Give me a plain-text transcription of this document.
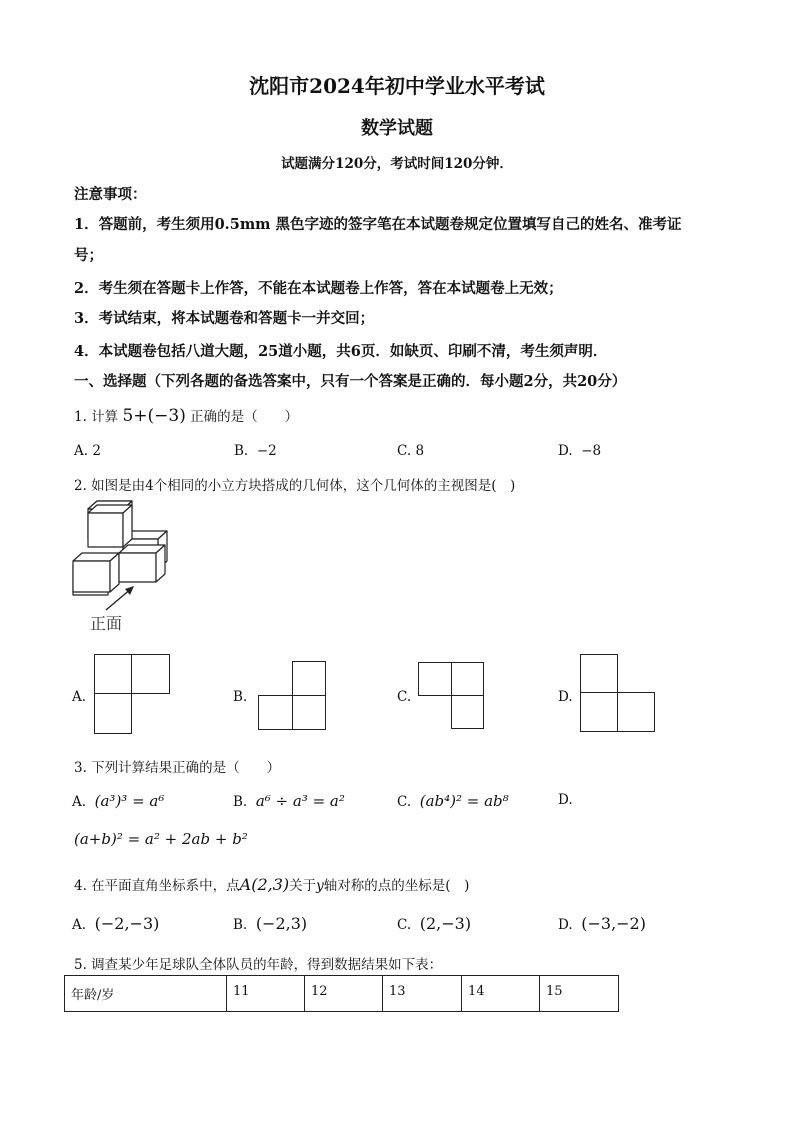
沈阳市2024年初中学业水平考试
数学试题
试题满分120分，考试时间120分钟．
注意事项：
1．答题前，考生须用0.5mm 黑色字迹的签字笔在本试题卷规定位置填写自己的姓名、准考证
号；
2．考生须在答题卡上作答，不能在本试题卷上作答，答在本试题卷上无效；
3．考试结束，将本试题卷和答题卡一并交回；
4．本试题卷包括八道大题，25道小题，共6页．如缺页、印刷不清，考生须声明．
一、选择题（下列各题的备选答案中，只有一个答案是正确的．每小题2分，共20分）
1. 计算 5+(−3) 正确的是（　　）
A. 2	B. −2	C. 8	D. −8
2. 如图是由4个相同的小立方块搭成的几何体，这个几何体的主视图是(　)
正面
A.	B.	C.	D.
3. 下列计算结果正确的是（　　）
A. (a³)³ = a⁶	B. a⁶ ÷ a³ = a²	C. (ab⁴)² = ab⁸	D.
(a+b)² = a² + 2ab + b²
4. 在平面直角坐标系中，点A(2,3)关于y轴对称的点的坐标是(　)
A. (−2,−3)	B. (−2,3)	C. (2,−3)	D. (−3,−2)
5. 调查某少年足球队全体队员的年龄，得到数据结果如下表：
年龄/岁	11	12	13	14	15
